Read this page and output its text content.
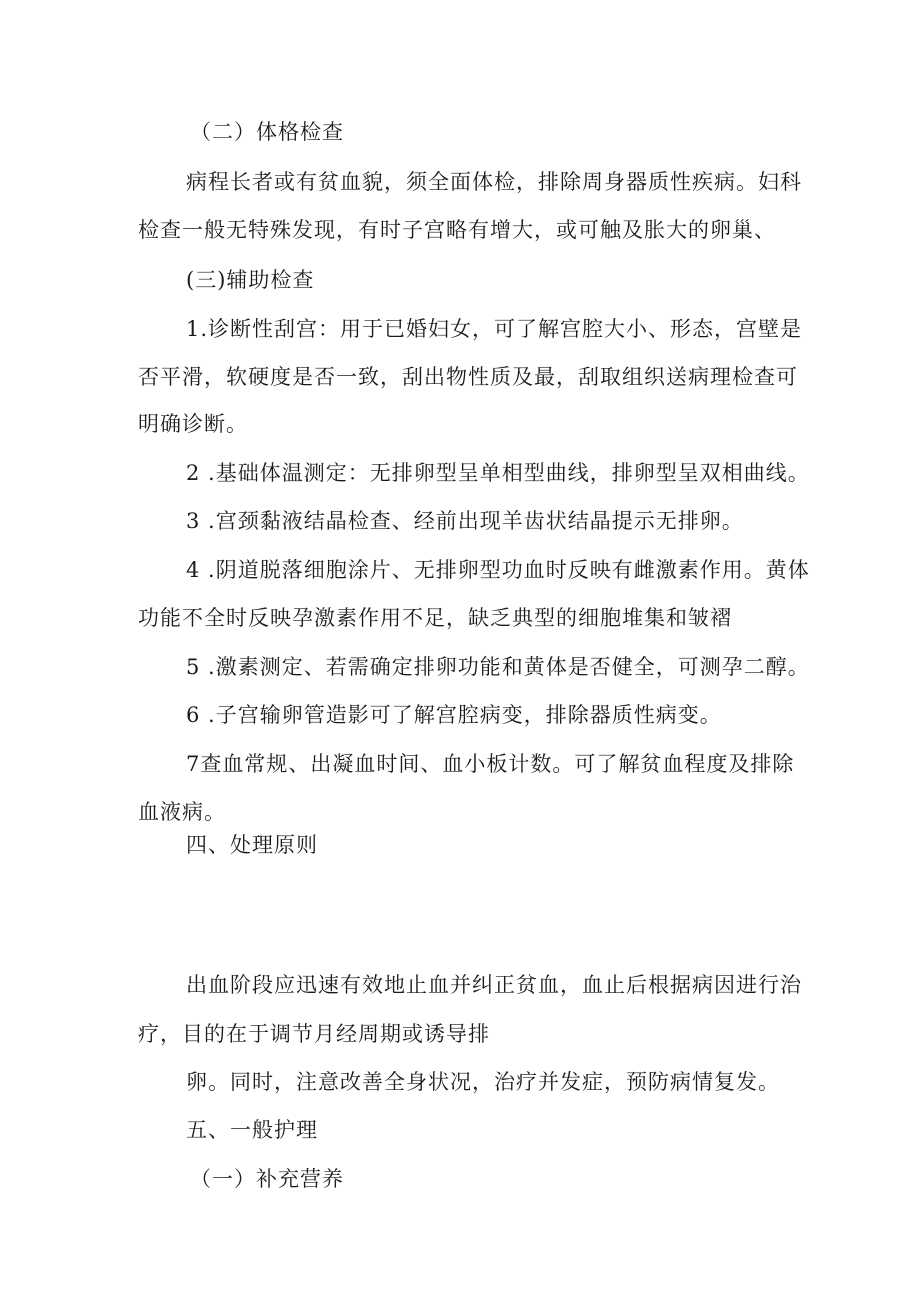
（二）体格检查
病程长者或有贫血貌，须全面体检，排除周身器质性疾病。妇科
检查一般无特殊发现，有时子宫略有增大，或可触及胀大的卵巢、
(三)辅助检查
1.诊断性刮宫：用于已婚妇女，可了解宫腔大小、形态，宫壁是
否平滑，软硬度是否一致，刮出物性质及最，刮取组织送病理检查可
明确诊断。
2 .基础体温测定：无排卵型呈单相型曲线，排卵型呈双相曲线。
3 .宫颈黏液结晶检查、经前出现羊齿状结晶提示无排卵。
4 .阴道脱落细胞涂片、无排卵型功血时反映有雌激素作用。黄体
功能不全时反映孕激素作用不足，缺乏典型的细胞堆集和皱褶
5 .激素测定、若需确定排卵功能和黄体是否健全，可测孕二醇。
6 .子宫输卵管造影可了解宫腔病变，排除器质性病变。
7查血常规、出凝血时间、血小板计数。可了解贫血程度及排除
血液病。
四、处理原则
出血阶段应迅速有效地止血并纠正贫血，血止后根据病因进行治
疗，目的在于调节月经周期或诱导排
卵。同时，注意改善全身状况，治疗并发症，预防病情复发。
五、一般护理
（一）补充营养
